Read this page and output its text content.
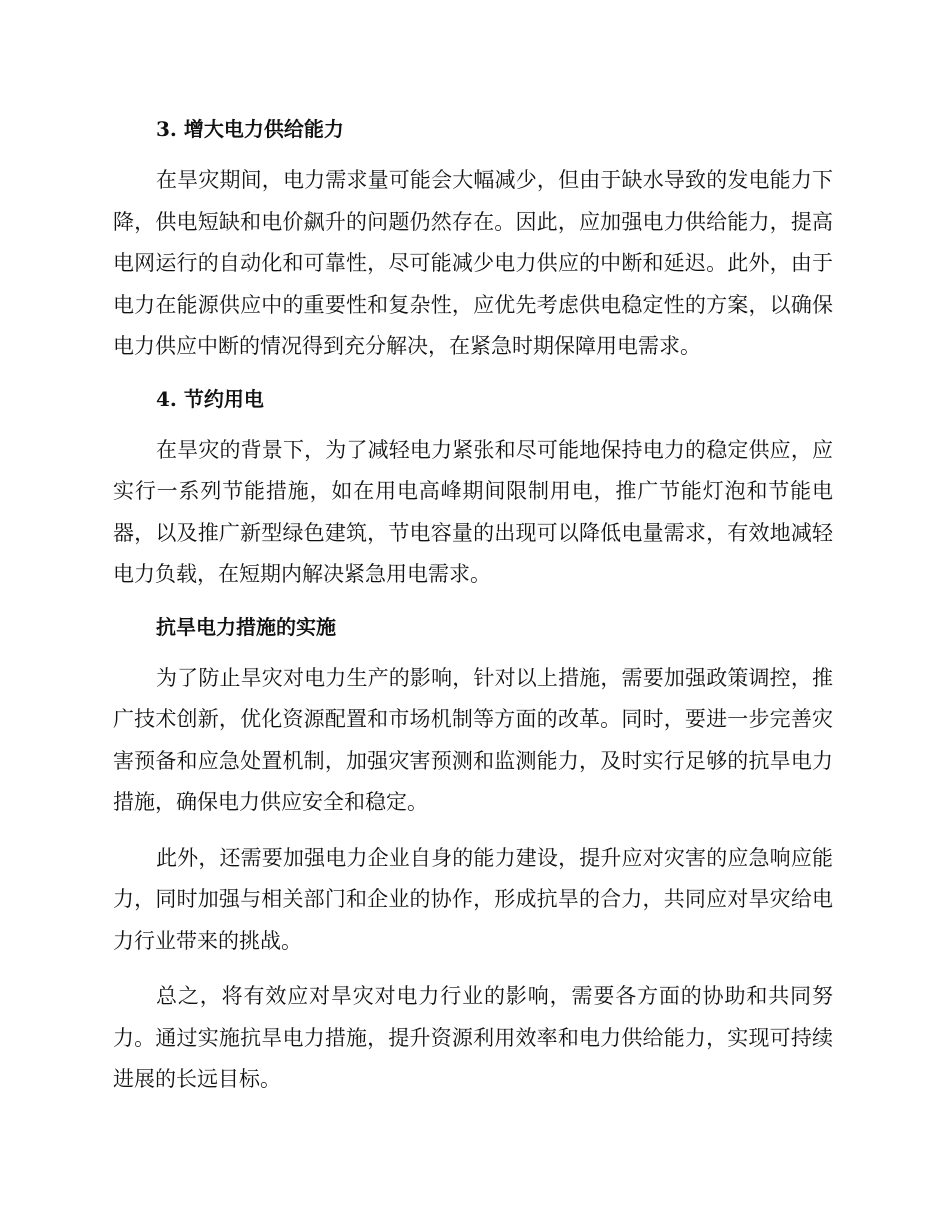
3. 增大电力供给能力

在旱灾期间，电力需求量可能会大幅减少，但由于缺水导致的发电能力下降，供电短缺和电价飙升的问题仍然存在。因此，应加强电力供给能力，提高电网运行的自动化和可靠性，尽可能减少电力供应的中断和延迟。此外，由于电力在能源供应中的重要性和复杂性，应优先考虑供电稳定性的方案，以确保电力供应中断的情况得到充分解决，在紧急时期保障用电需求。

4. 节约用电

在旱灾的背景下，为了减轻电力紧张和尽可能地保持电力的稳定供应，应实行一系列节能措施，如在用电高峰期间限制用电，推广节能灯泡和节能电器，以及推广新型绿色建筑，节电容量的出现可以降低电量需求，有效地减轻电力负载，在短期内解决紧急用电需求。

抗旱电力措施的实施

为了防止旱灾对电力生产的影响，针对以上措施，需要加强政策调控，推广技术创新，优化资源配置和市场机制等方面的改革。同时，要进一步完善灾害预备和应急处置机制，加强灾害预测和监测能力，及时实行足够的抗旱电力措施，确保电力供应安全和稳定。

此外，还需要加强电力企业自身的能力建设，提升应对灾害的应急响应能力，同时加强与相关部门和企业的协作，形成抗旱的合力，共同应对旱灾给电力行业带来的挑战。

总之，将有效应对旱灾对电力行业的影响，需要各方面的协助和共同努力。通过实施抗旱电力措施，提升资源利用效率和电力供给能力，实现可持续进展的长远目标。
